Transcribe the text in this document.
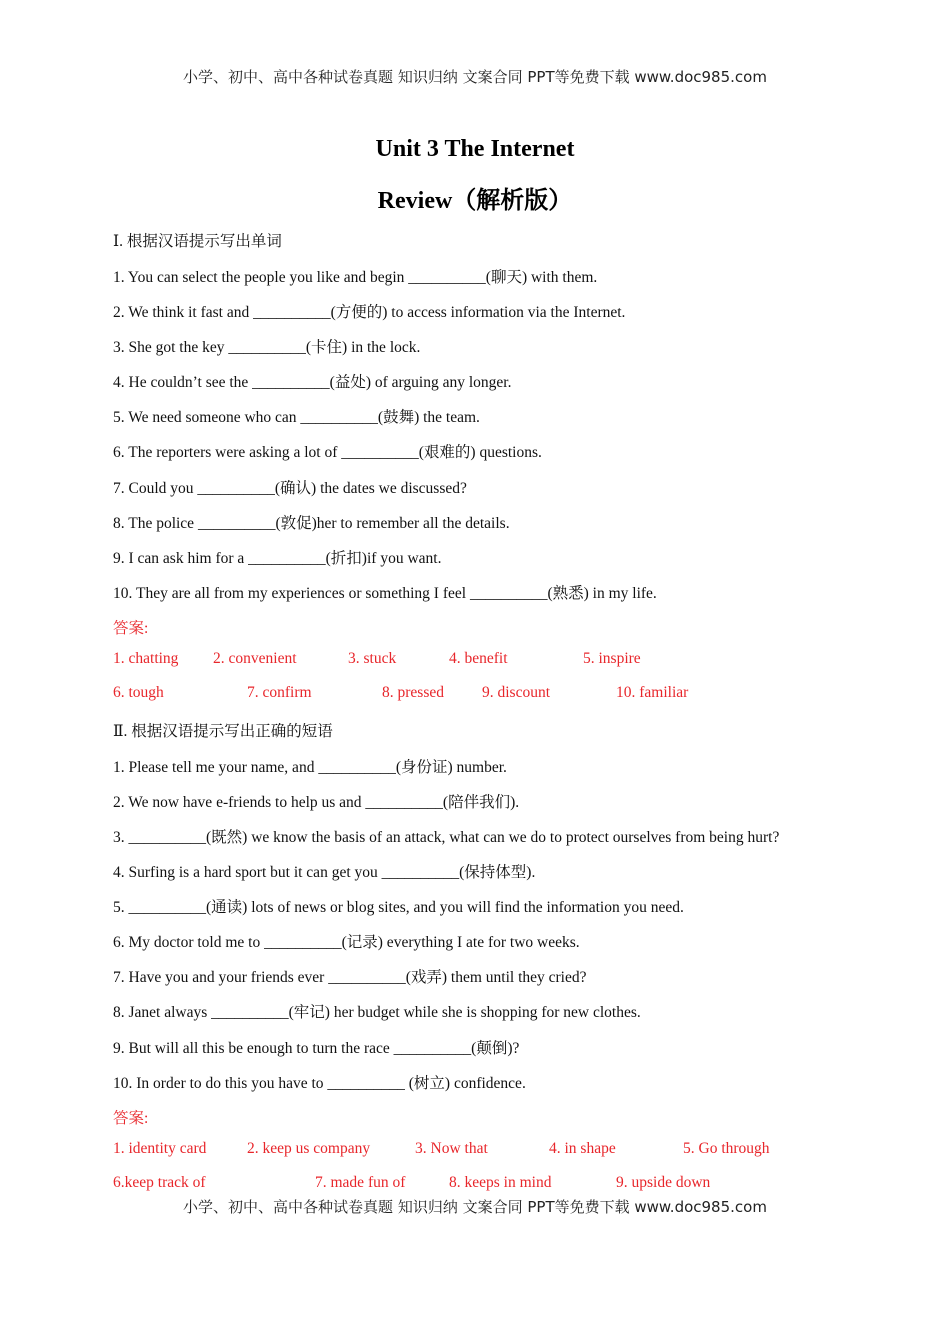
小学、初中、高中各种试卷真题 知识归纳 文案合同 PPT等免费下载 www.doc985.com
Unit 3 The Internet
Review（解析版）
Ⅰ. 根据汉语提示写出单词
1. You can select the people you like and begin __________(聊天) with them.
2. We think it fast and __________(方便的) to access information via the Internet.
3. She got the key __________(卡住) in the lock.
4. He couldn’t see the __________(益处) of arguing any longer.
5. We need someone who can __________(鼓舞) the team.
6. The reporters were asking a lot of __________(艰难的) questions.
7. Could you __________(确认) the dates we discussed?
8. The police __________(敦促)her to remember all the details.
9. I can ask him for a __________(折扣)if you want.
10. They are all from my experiences or something I feel __________(熟悉) in my life.
答案:
1. chatting 2. convenient	3. stuck	4. benefit	5. inspire
6. tough	7. confirm	8. pressed 9. discount	10. familiar
Ⅱ. 根据汉语提示写出正确的短语
1. Please tell me your name, and __________(身份证) number.
2. We now have e-friends to help us and __________(陪伴我们).
3. __________(既然) we know the basis of an attack, what can we do to protect ourselves from being hurt?
4. Surfing is a hard sport but it can get you __________(保持体型).
5. __________(通读) lots of news or blog sites, and you will find the information you need.
6. My doctor told me to __________(记录) everything I ate for two weeks.
7. Have you and your friends ever __________(戏弄) them until they cried?
8. Janet always __________(牢记) her budget while she is shopping for new clothes.
9. But will all this be enough to turn the race __________(颠倒)?
10. In order to do this you have to __________ (树立) confidence.
答案:
1. identity card	2. keep us company	3. Now that	4. in shape	5. Go through
6.keep track of	7. made fun of	8. keeps in mind	9. upside down
小学、初中、高中各种试卷真题 知识归纳 文案合同 PPT等免费下载 www.doc985.com
